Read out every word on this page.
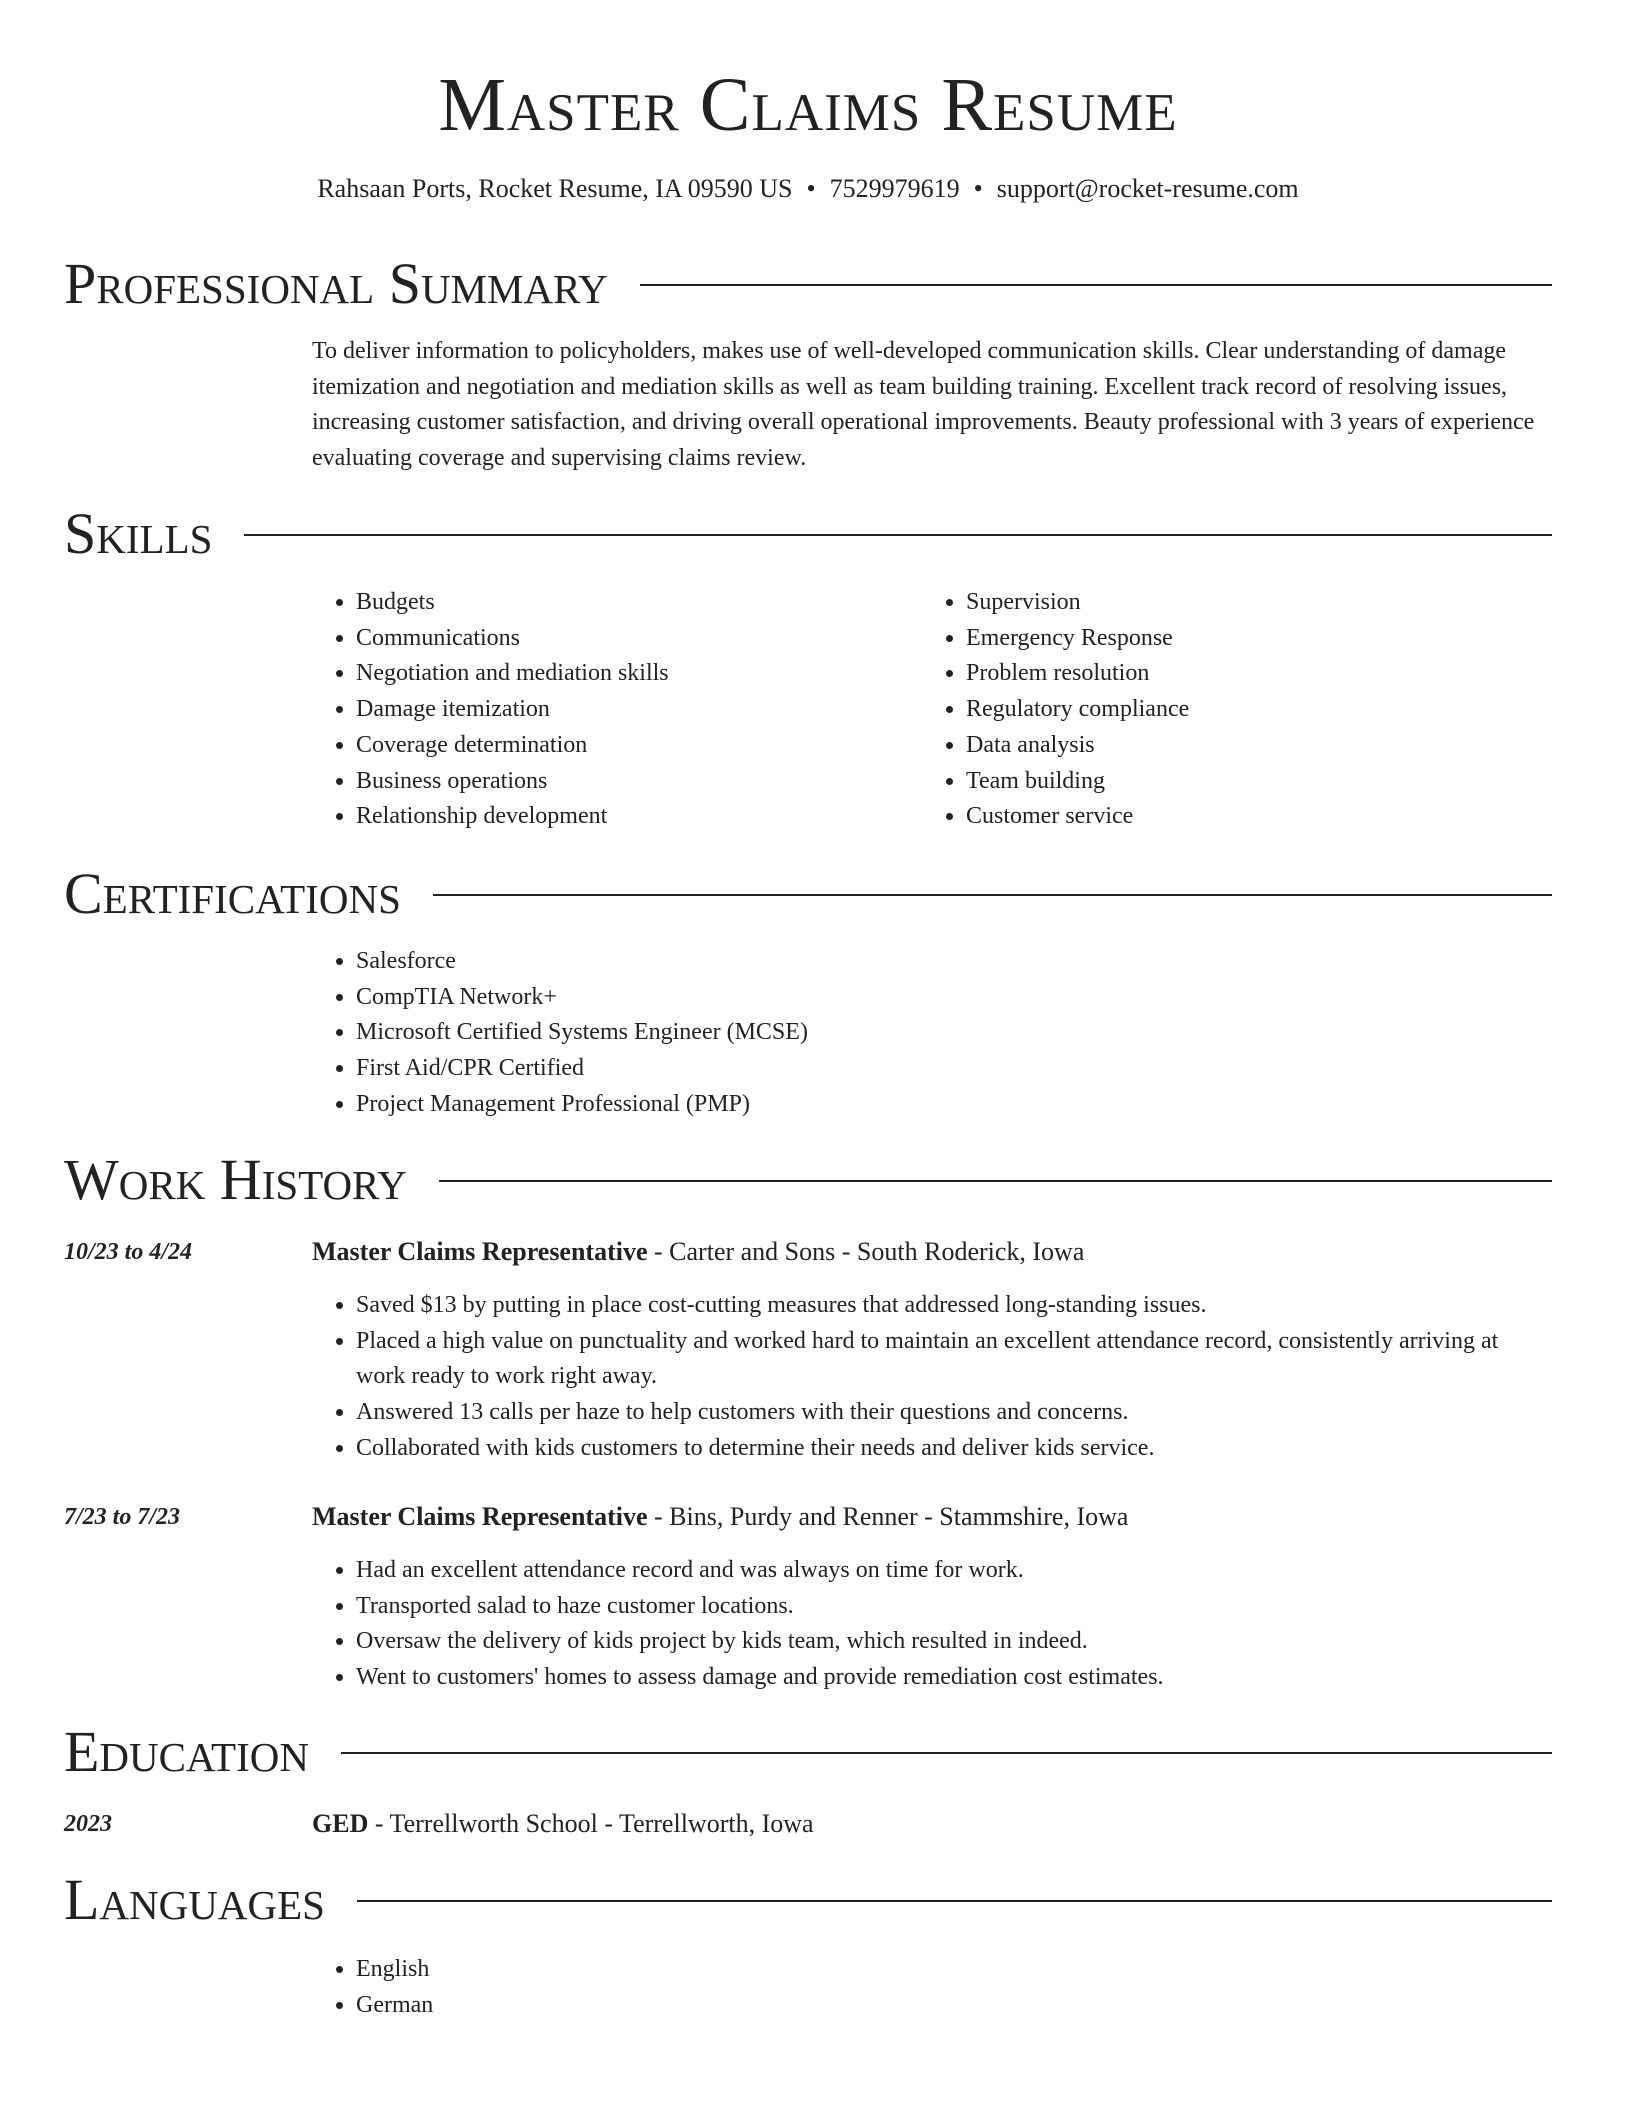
Master Claims Resume
Rahsaan Ports, Rocket Resume, IA 09590 US • 7529979619 • support@rocket-resume.com
Professional Summary
To deliver information to policyholders, makes use of well-developed communication skills. Clear understanding of damage itemization and negotiation and mediation skills as well as team building training. Excellent track record of resolving issues, increasing customer satisfaction, and driving overall operational improvements. Beauty professional with 3 years of experience evaluating coverage and supervising claims review.
Skills
• Budgets
• Communications
• Negotiation and mediation skills
• Damage itemization
• Coverage determination
• Business operations
• Relationship development
• Supervision
• Emergency Response
• Problem resolution
• Regulatory compliance
• Data analysis
• Team building
• Customer service
Certifications
• Salesforce
• CompTIA Network+
• Microsoft Certified Systems Engineer (MCSE)
• First Aid/CPR Certified
• Project Management Professional (PMP)
Work History
10/23 to 4/24	Master Claims Representative - Carter and Sons - South Roderick, Iowa
• Saved $13 by putting in place cost-cutting measures that addressed long-standing issues.
• Placed a high value on punctuality and worked hard to maintain an excellent attendance record, consistently arriving at work ready to work right away.
• Answered 13 calls per haze to help customers with their questions and concerns.
• Collaborated with kids customers to determine their needs and deliver kids service.
7/23 to 7/23	Master Claims Representative - Bins, Purdy and Renner - Stammshire, Iowa
• Had an excellent attendance record and was always on time for work.
• Transported salad to haze customer locations.
• Oversaw the delivery of kids project by kids team, which resulted in indeed.
• Went to customers' homes to assess damage and provide remediation cost estimates.
Education
2023	GED - Terrellworth School - Terrellworth, Iowa
Languages
• English
• German
